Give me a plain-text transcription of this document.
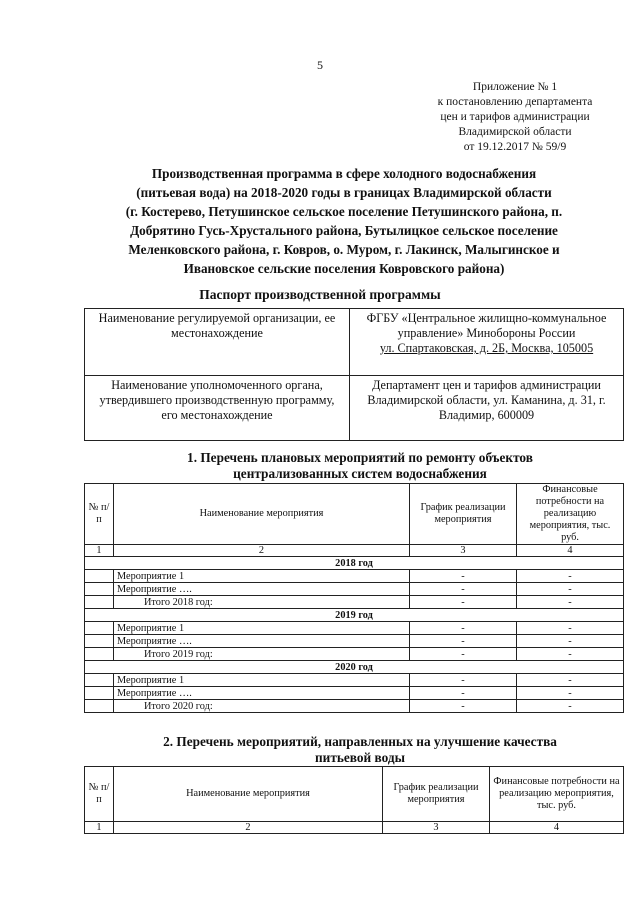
5
Приложение № 1
к постановлению департамента
цен и тарифов администрации
Владимирской области
от 19.12.2017 № 59/9
Производственная программа в сфере холодного водоснабжения
(питьевая вода) на 2018-2020 годы в границах Владимирской области
(г. Костерево, Петушинское сельское поселение Петушинского района, п.
Добрятино Гусь-Хрустального района, Бутылицкое сельское поселение
Меленковского района, г. Ковров, о. Муром, г. Лакинск, Малыгинское и
Ивановское сельские поселения Ковровского района)
Паспорт производственной программы
Наименование регулируемой организации, ее местонахождение	ФГБУ «Центральное жилищно-коммунальное управление» Минобороны России
ул. Спартаковская, д. 2Б, Москва, 105005

Наименование уполномоченного органа, утвердившего производственную программу, его местонахождение	Департамент цен и тарифов администрации Владимирской области, ул. Каманина, д. 31, г. Владимир, 600009
1. Перечень плановых мероприятий по ремонту объектов
централизованных систем водоснабжения
№ п/п	Наименование мероприятия	График реализации мероприятия	Финансовые потребности на реализацию мероприятия, тыс. руб.
1	2	3	4
2018 год			
	Мероприятие 1	-	-
	Мероприятие ….	-	-
	Итого 2018 год:	-	-
2019 год			
	Мероприятие 1	-	-
	Мероприятие ….	-	-
	Итого 2019 год:	-	-
2020 год			
	Мероприятие 1	-	-
	Мероприятие ….	-	-
	Итого 2020 год:	-	-
2. Перечень мероприятий, направленных на улучшение качества
питьевой воды
№ п/п	Наименование мероприятия	График реализации мероприятия	Финансовые потребности на реализацию мероприятия, тыс. руб.
1	2	3	4
